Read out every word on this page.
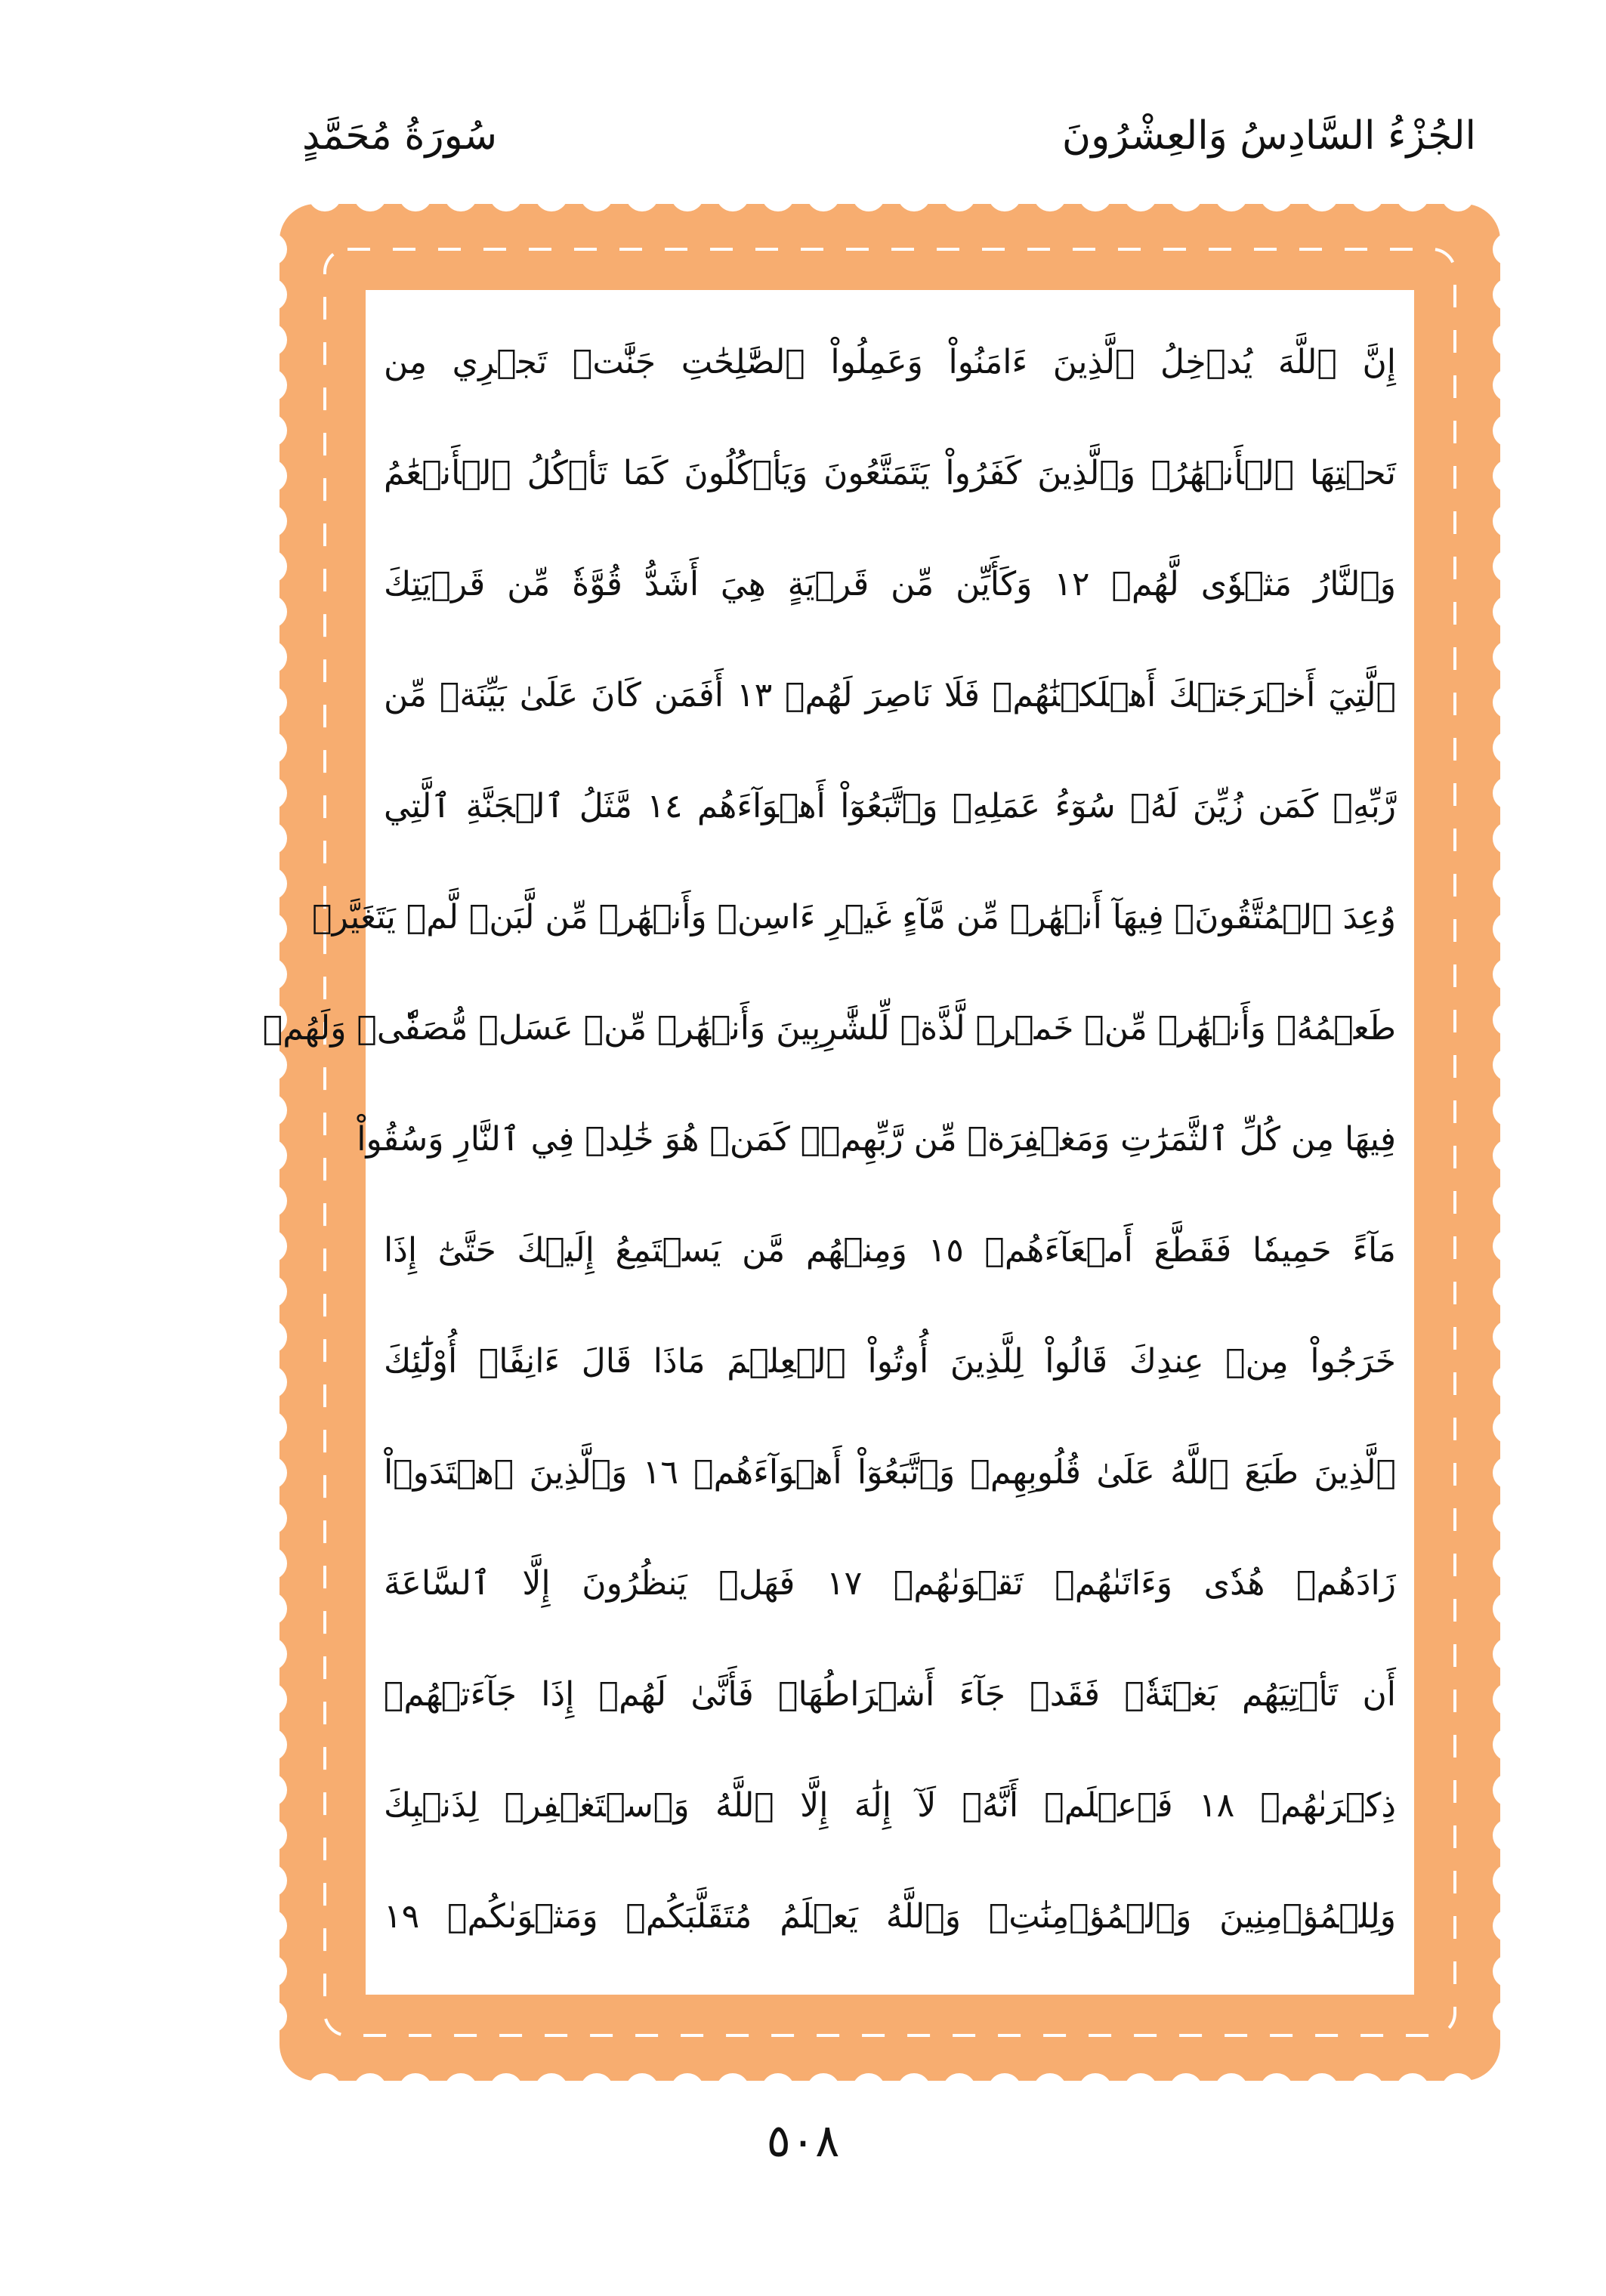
الجُزْءُ السَّادِسُ وَالعِشْرُونَ
سُورَةُ مُحَمَّدٍ
إِنَّ ٱللَّهَ يُدۡخِلُ ٱلَّذِينَ ءَامَنُواْ وَعَمِلُواْ ٱلصَّٰلِحَٰتِ جَنَّٰتٖ تَجۡرِي مِن
تَحۡتِهَا ٱلۡأَنۡهَٰرُۖ وَٱلَّذِينَ كَفَرُواْ يَتَمَتَّعُونَ وَيَأۡكُلُونَ كَمَا تَأۡكُلُ ٱلۡأَنۡعَٰمُ
وَٱلنَّارُ مَثۡوٗى لَّهُمۡ ١٢ وَكَأَيِّن مِّن قَرۡيَةٍ هِيَ أَشَدُّ قُوَّةٗ مِّن قَرۡيَتِكَ
ٱلَّتِيٓ أَخۡرَجَتۡكَ أَهۡلَكۡنَٰهُمۡ فَلَا نَاصِرَ لَهُمۡ ١٣ أَفَمَن كَانَ عَلَىٰ بَيِّنَةٖ مِّن
رَّبِّهِۦ كَمَن زُيِّنَ لَهُۥ سُوٓءُ عَمَلِهِۦ وَٱتَّبَعُوٓاْ أَهۡوَآءَهُم ١٤ مَّثَلُ ٱلۡجَنَّةِ ٱلَّتِي
وُعِدَ ٱلۡمُتَّقُونَۖ فِيهَآ أَنۡهَٰرٞ مِّن مَّآءٍ غَيۡرِ ءَاسِنٖ وَأَنۡهَٰرٞ مِّن لَّبَنٖ لَّمۡ يَتَغَيَّرۡ
طَعۡمُهُۥ وَأَنۡهَٰرٞ مِّنۡ خَمۡرٖ لَّذَّةٖ لِّلشَّٰرِبِينَ وَأَنۡهَٰرٞ مِّنۡ عَسَلٖ مُّصَفّٗىۖ وَلَهُمۡ
فِيهَا مِن كُلِّ ٱلثَّمَرَٰتِ وَمَغۡفِرَةٞ مِّن رَّبِّهِمۡۖ كَمَنۡ هُوَ خَٰلِدٞ فِي ٱلنَّارِ وَسُقُواْ
مَآءً حَمِيمٗا فَقَطَّعَ أَمۡعَآءَهُمۡ ١٥ وَمِنۡهُم مَّن يَسۡتَمِعُ إِلَيۡكَ حَتَّىٰٓ إِذَا
خَرَجُواْ مِنۡ عِندِكَ قَالُواْ لِلَّذِينَ أُوتُواْ ٱلۡعِلۡمَ مَاذَا قَالَ ءَانِفًاۚ أُوْلَٰٓئِكَ
ٱلَّذِينَ طَبَعَ ٱللَّهُ عَلَىٰ قُلُوبِهِمۡ وَٱتَّبَعُوٓاْ أَهۡوَآءَهُمۡ ١٦ وَٱلَّذِينَ ٱهۡتَدَوۡاْ
زَادَهُمۡ هُدٗى وَءَاتَىٰهُمۡ تَقۡوَىٰهُمۡ ١٧ فَهَلۡ يَنظُرُونَ إِلَّا ٱلسَّاعَةَ
أَن تَأۡتِيَهُم بَغۡتَةٗۖ فَقَدۡ جَآءَ أَشۡرَاطُهَاۚ فَأَنَّىٰ لَهُمۡ إِذَا جَآءَتۡهُمۡ
ذِكۡرَىٰهُمۡ ١٨ فَٱعۡلَمۡ أَنَّهُۥ لَآ إِلَٰهَ إِلَّا ٱللَّهُ وَٱسۡتَغۡفِرۡ لِذَنۢبِكَ
وَلِلۡمُؤۡمِنِينَ وَٱلۡمُؤۡمِنَٰتِۗ وَٱللَّهُ يَعۡلَمُ مُتَقَلَّبَكُمۡ وَمَثۡوَىٰكُمۡ ١٩
٥٠٨
